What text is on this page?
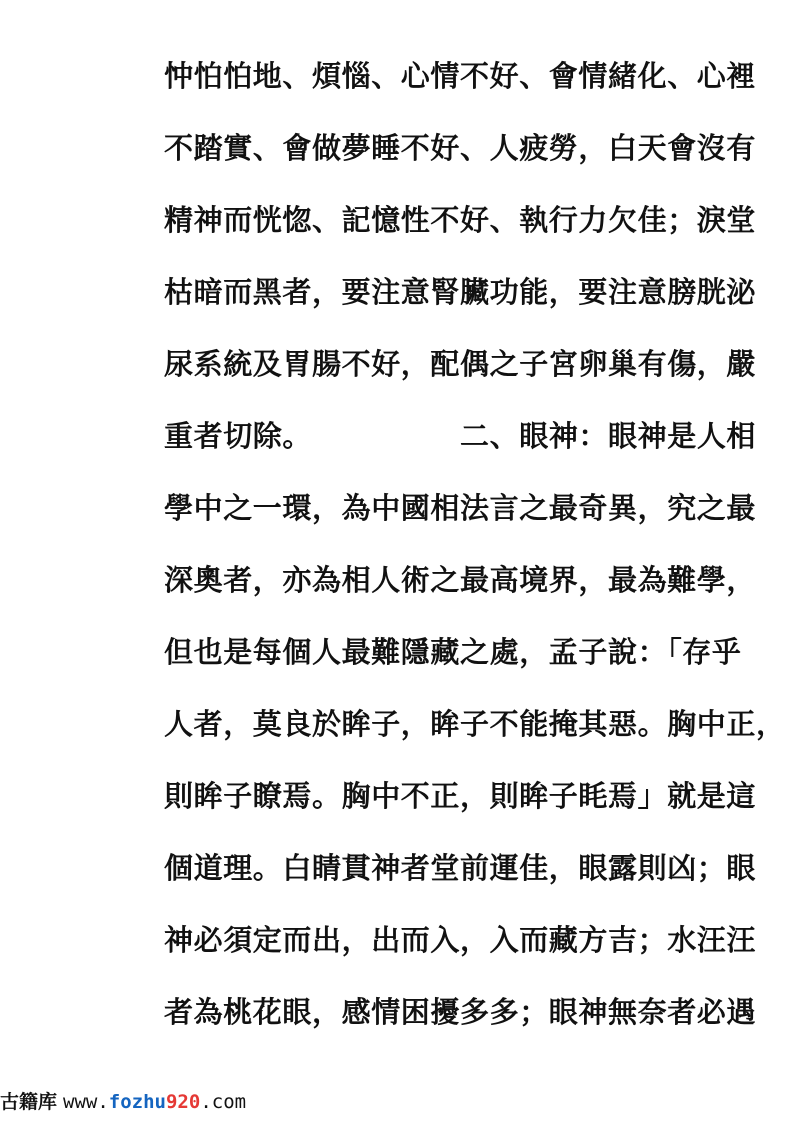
忡怕怕地、煩惱、心情不好、會情緒化、心裡
不踏實、會做夢睡不好、人疲勞，白天會沒有
精神而恍惚、記憶性不好、執行力欠佳；淚堂
枯暗而黑者，要注意腎臟功能，要注意膀胱泌
尿系統及胃腸不好，配偶之子宮卵巢有傷，嚴
重者切除。	二、眼神：眼神是人相
學中之一環，為中國相法言之最奇異，究之最
深奧者，亦為相人術之最高境界，最為難學，
但也是每個人最難隱藏之處，孟子說：「存乎
人者，莫良於眸子，眸子不能掩其惡。胸中正，
則眸子瞭焉。胸中不正，則眸子眊焉」就是這
個道理。白睛貫神者堂前運佳，眼露則凶；眼
神必須定而出，出而入，入而藏方吉；水汪汪
者為桃花眼，感情困擾多多；眼神無奈者必遇
古籍库 www.fozhu920.com
